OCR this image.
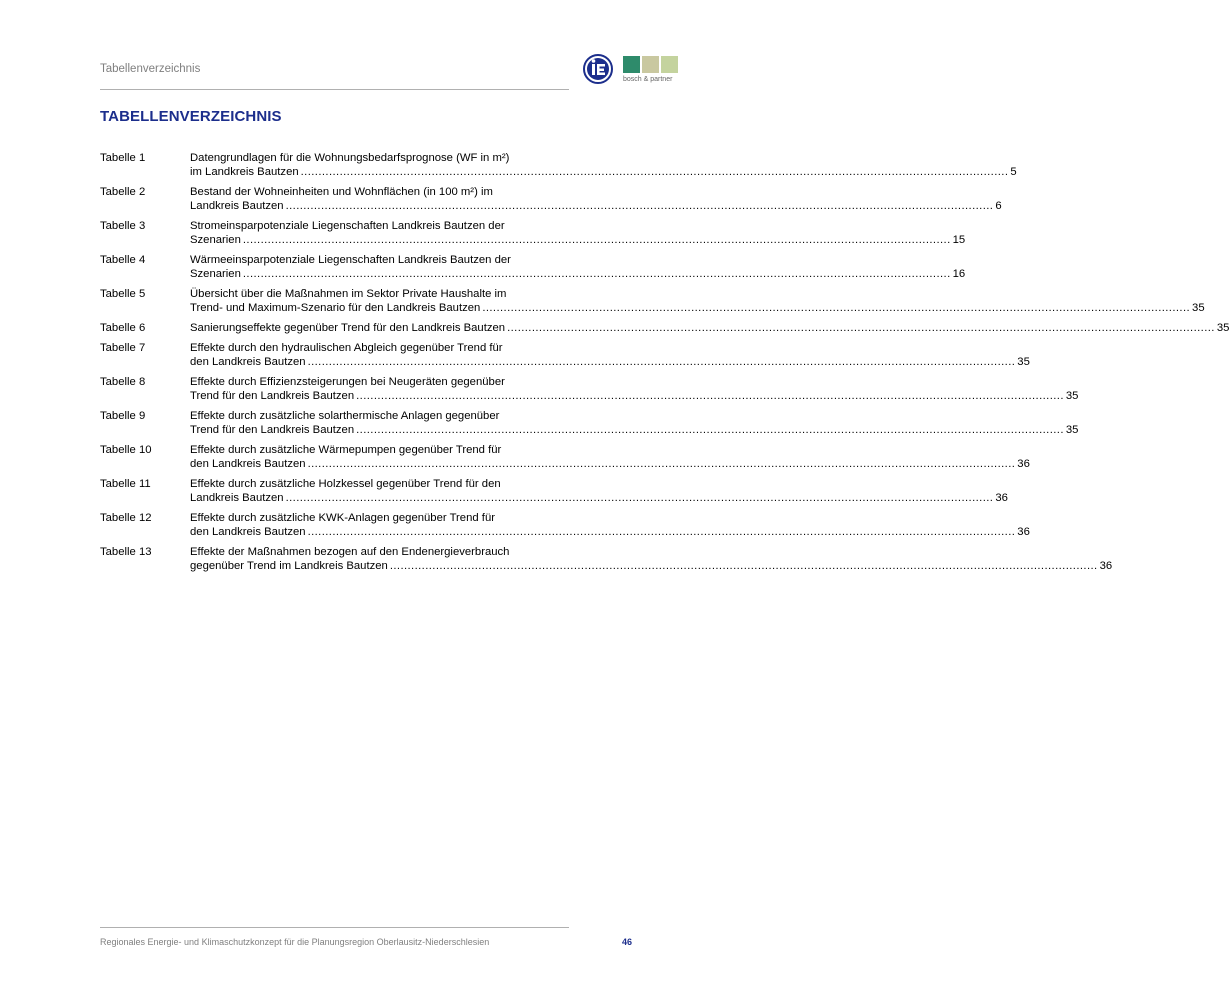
Tabellenverzeichnis
bosch & partner
TABELLENVERZEICHNIS
Tabelle 1	Datengrundlagen für die Wohnungsbedarfsprognose (WF in m²)
im Landkreis Bautzen ........................................................................................................................................................................................................ 5
Tabelle 2	Bestand der Wohneinheiten und Wohnflächen (in 100 m²) im
Landkreis Bautzen ........................................................................................................................................................................................................ 6
Tabelle 3	Stromeinsparpotenziale Liegenschaften Landkreis Bautzen der
Szenarien ........................................................................................................................................................................................................ 15
Tabelle 4	Wärmeeinsparpotenziale Liegenschaften Landkreis Bautzen der
Szenarien ........................................................................................................................................................................................................ 16
Tabelle 5	Übersicht über die Maßnahmen im Sektor Private Haushalte im
Trend- und Maximum-Szenario für den Landkreis Bautzen ........................................................................................................................................................................................................ 35
Tabelle 6	Sanierungseffekte gegenüber Trend für den Landkreis Bautzen ........................................................................................................................................................................................................ 35
Tabelle 7	Effekte durch den hydraulischen Abgleich gegenüber Trend für
den Landkreis Bautzen ........................................................................................................................................................................................................ 35
Tabelle 8	Effekte durch Effizienzsteigerungen bei Neugeräten gegenüber
Trend für den Landkreis Bautzen ........................................................................................................................................................................................................ 35
Tabelle 9	Effekte durch zusätzliche solarthermische Anlagen gegenüber
Trend für den Landkreis Bautzen ........................................................................................................................................................................................................ 35
Tabelle 10	Effekte durch zusätzliche Wärmepumpen gegenüber Trend für
den Landkreis Bautzen ........................................................................................................................................................................................................ 36
Tabelle 11	Effekte durch zusätzliche Holzkessel gegenüber Trend für den
Landkreis Bautzen ........................................................................................................................................................................................................ 36
Tabelle 12	Effekte durch zusätzliche KWK-Anlagen gegenüber Trend für
den Landkreis Bautzen ........................................................................................................................................................................................................ 36
Tabelle 13	Effekte der Maßnahmen bezogen auf den Endenergieverbrauch
gegenüber Trend im Landkreis Bautzen ........................................................................................................................................................................................................ 36
Regionales Energie- und Klimaschutzkonzept für die Planungsregion Oberlausitz-Niederschlesien	46
